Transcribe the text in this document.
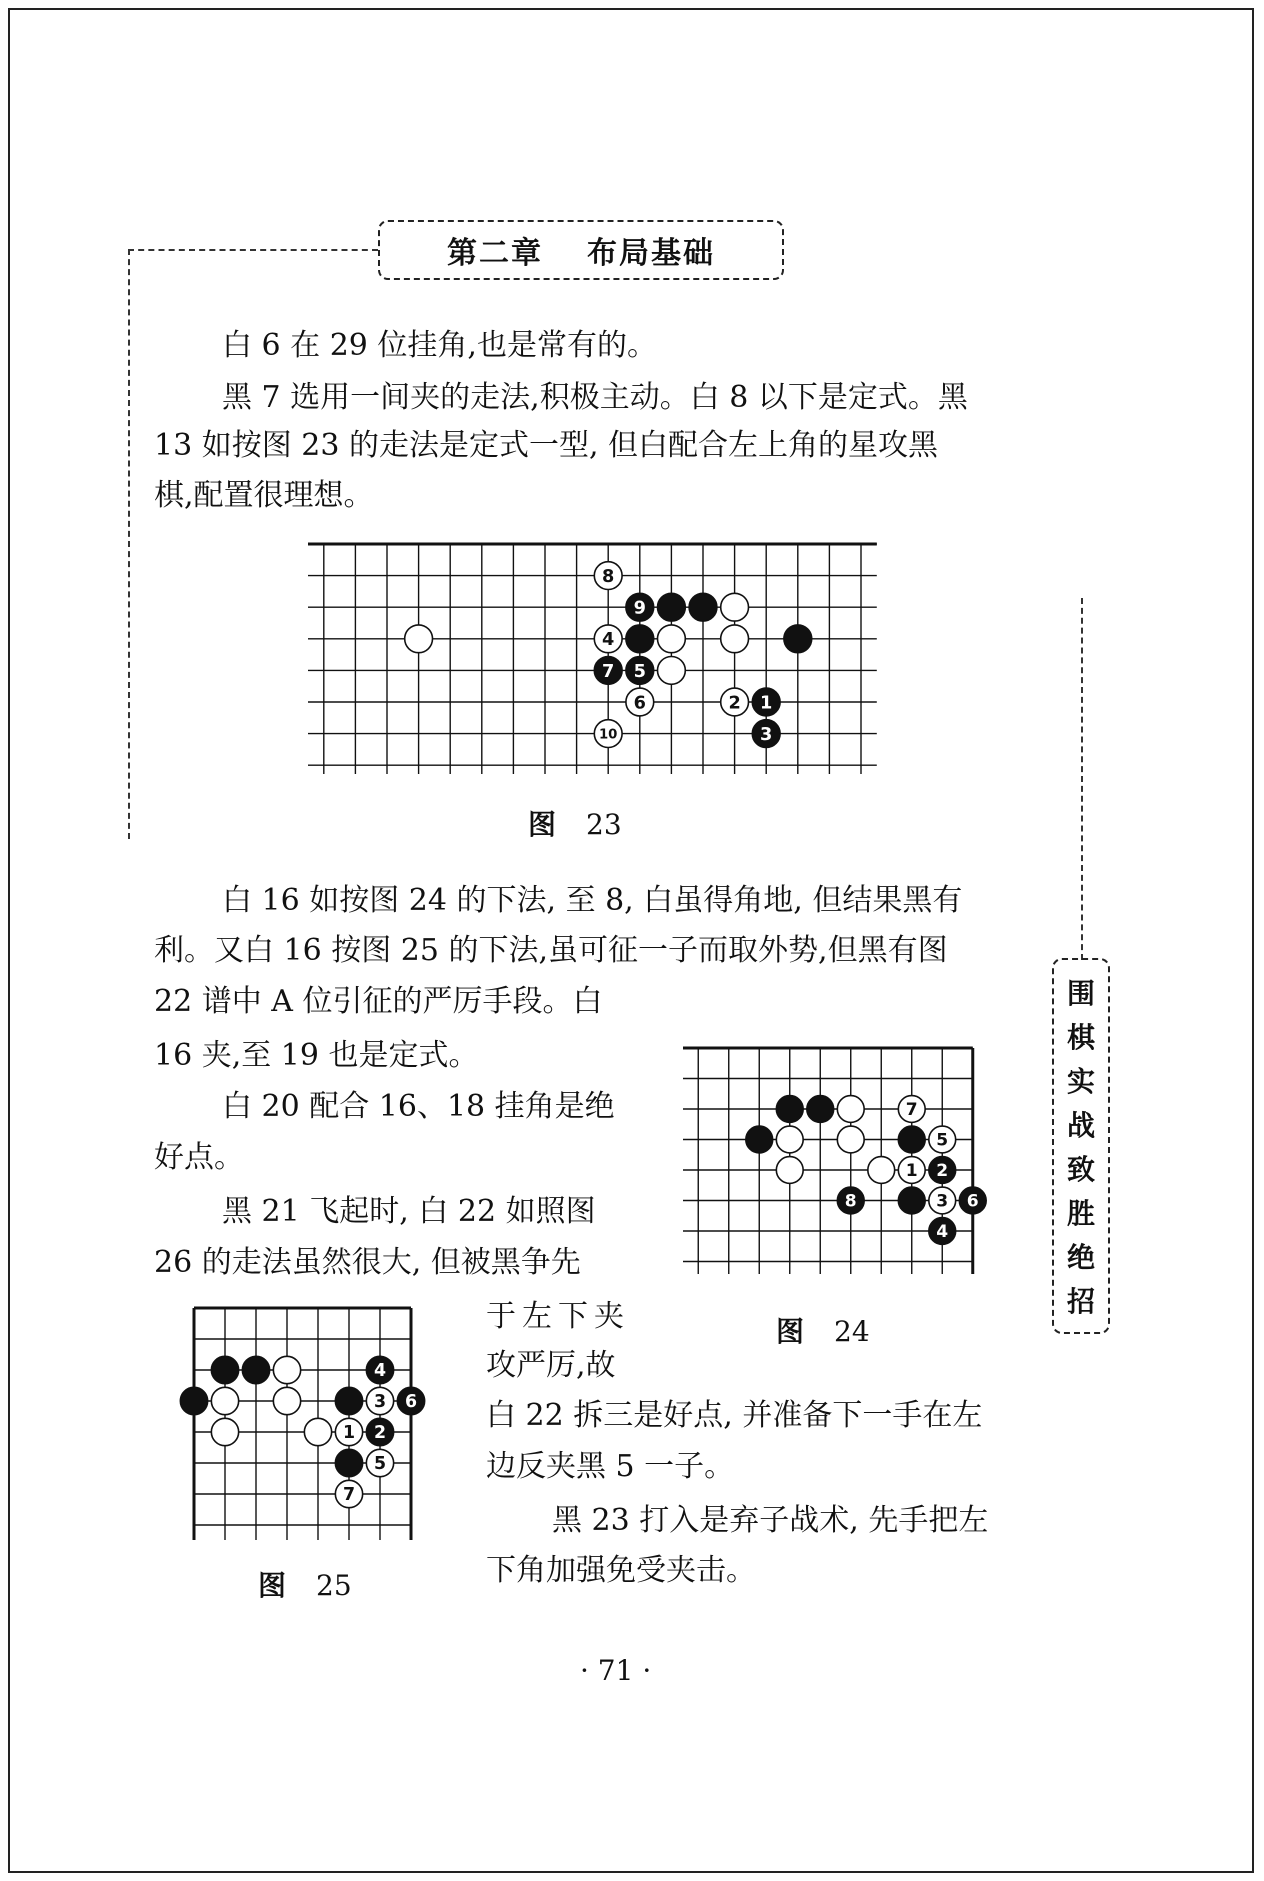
第二章 布局基础
围
棋
实
战
致
胜
绝
招

白 6 在 29 位挂角,也是常有的。

黑 7 选用一间夹的走法,积极主动。白 8 以下是定式。黑

13 如按图 23 的走法是定式一型, 但白配合左上角的星攻黑

棋,配置很理想。

8
9
4
7 5
6	2 1
3
10
图 23

白 16 如按图 24 的下法, 至 8, 白虽得角地, 但结果黑有

利。又白 16 按图 25 的下法,虽可征一子而取外势,但黑有图

22 谱中 A 位引征的严厉手段。白

16 夹,至 19 也是定式。

白 20 配合 16、18 挂角是绝

好点。

黑 21 飞起时, 白 22 如照图

26 的走法虽然很大, 但被黑争先

于左下夹

攻严厉,故

白 22 拆三是好点, 并准备下一手在左

边反夹黑 5 一子。

黑 23 打入是弃子战术, 先手把左

下角加强免受夹击。

7
5
1 2
8	3 6
4
图 24
4
3 6
1 2
5
7
图 25
· 71 ·
